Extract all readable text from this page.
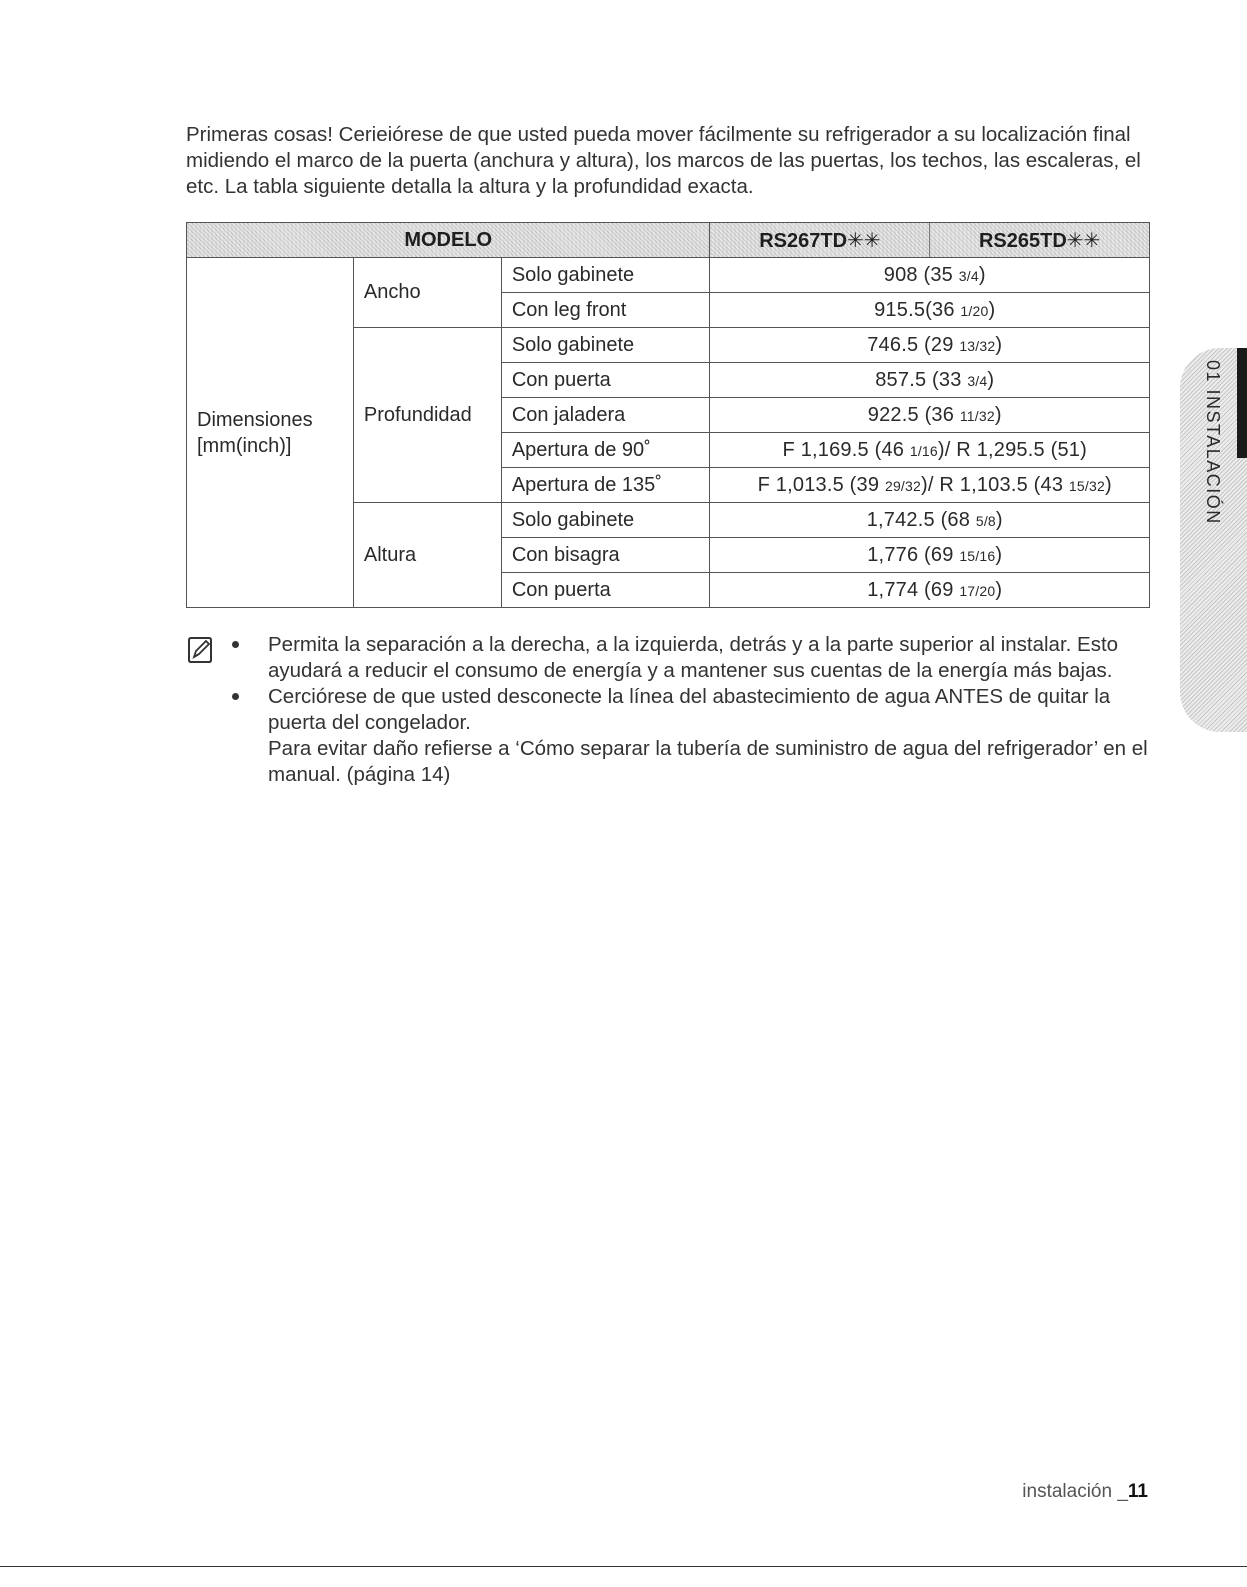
Primeras cosas! Cerieiórese de que usted pueda mover fácilmente su refrigerador a su localización final midiendo el marco de la puerta (anchura y altura), los marcos de las puertas, los techos, las escaleras, el etc. La tabla siguiente detalla la altura y la profundidad exacta.

MODELO			RS267TD✳✳ RS265TD✳✳

Dimensiones
[mm(inch)]	Ancho	Solo gabinete	908 (35 3/4)
		Con leg front	915.5(36 1/20)
	Profundidad	Solo gabinete	746.5 (29 13/32)
		Con puerta	857.5 (33 3/4)
		Con jaladera	922.5 (36 11/32)
		Apertura de 90˚	F 1,169.5 (46 1/16)/ R 1,295.5 (51)
		Apertura de 135˚	F 1,013.5 (39 29/32)/ R 1,103.5 (43 15/32)
	Altura	Solo gabinete	1,742.5 (68 5/8)
		Con bisagra	1,776 (69 15/16)
		Con puerta	1,774 (69 17/20)
Permita la separación a la derecha, a la izquierda, detrás y a la parte superior al instalar. Esto ayudará a reducir el consumo de energía y a mantener sus cuentas de la energía más bajas.
Cerciórese de que usted desconecte la línea del abastecimiento de agua ANTES de quitar la puerta del congelador.
Para evitar daño refierse a ‘Cómo separar la tubería de suministro de agua del refrigerador’ en el manual. (página 14)
01 INSTALACIÓN
instalación _11
